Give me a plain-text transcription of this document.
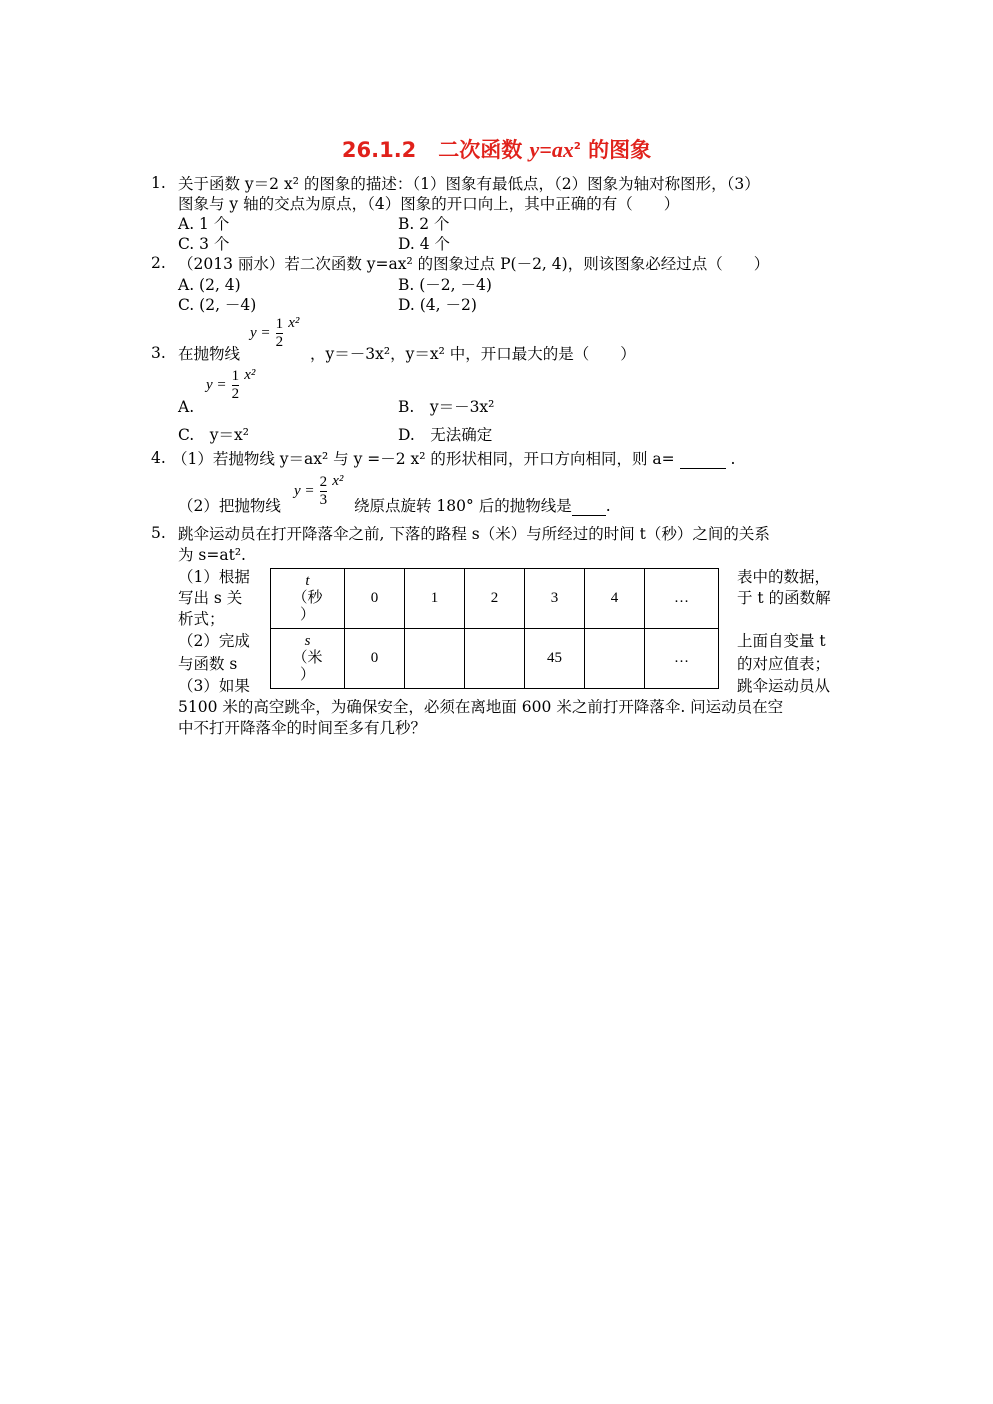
26.1.2 二次函数 $y=ax^2$ 的图象
1. 关于函数 y＝2 x² 的图象的描述：（1）图象有最低点，（2）图象为轴对称图形，（3）
图象与 y 轴的交点为原点，（4）图象的开口向上，其中正确的有（　　）
A. 1 个	B. 2 个
C. 3 个	D. 4 个
2. （2013 丽水）若二次函数 y=ax² 的图象过点 P(－2, 4)，则该图象必经过点（　　）
A. (2, 4)	B. (－2, －4)
C. (2, －4)	D. (4, －2)
3. 在抛物线
$y = \frac{1}{2} x^2$
，y＝－3x²，y＝x² 中，开口最大的是（　　）
A.
$y = \frac{1}{2} x^2$
B.　y＝－3x²
C.　y＝x²	D.　无法确定
4. （1）若抛物线 y＝ax² 与 y =－2 x² 的形状相同，开口方向相同，则 a=	.
（2）把抛物线
$y = \frac{2}{3} x^2$
绕原点旋转 180° 后的抛物线是 .
5. 跳伞运动员在打开降落伞之前, 下落的路程 s（米）与所经过的时间 t（秒）之间的关系
为 s=at².
（1）根据
写出 s 关
析式；
（2）完成
与函数 s
（3）如果
表中的数据，
于 t 的函数解
上面自变量 t
的对应值表；
跳伞运动员从
t
（秒
）	0	1	2	3	4	…

s
（米
）	0			45		…
5100 米的高空跳伞，为确保安全，必须在离地面 600 米之前打开降落伞. 问运动员在空
中不打开降落伞的时间至多有几秒？
